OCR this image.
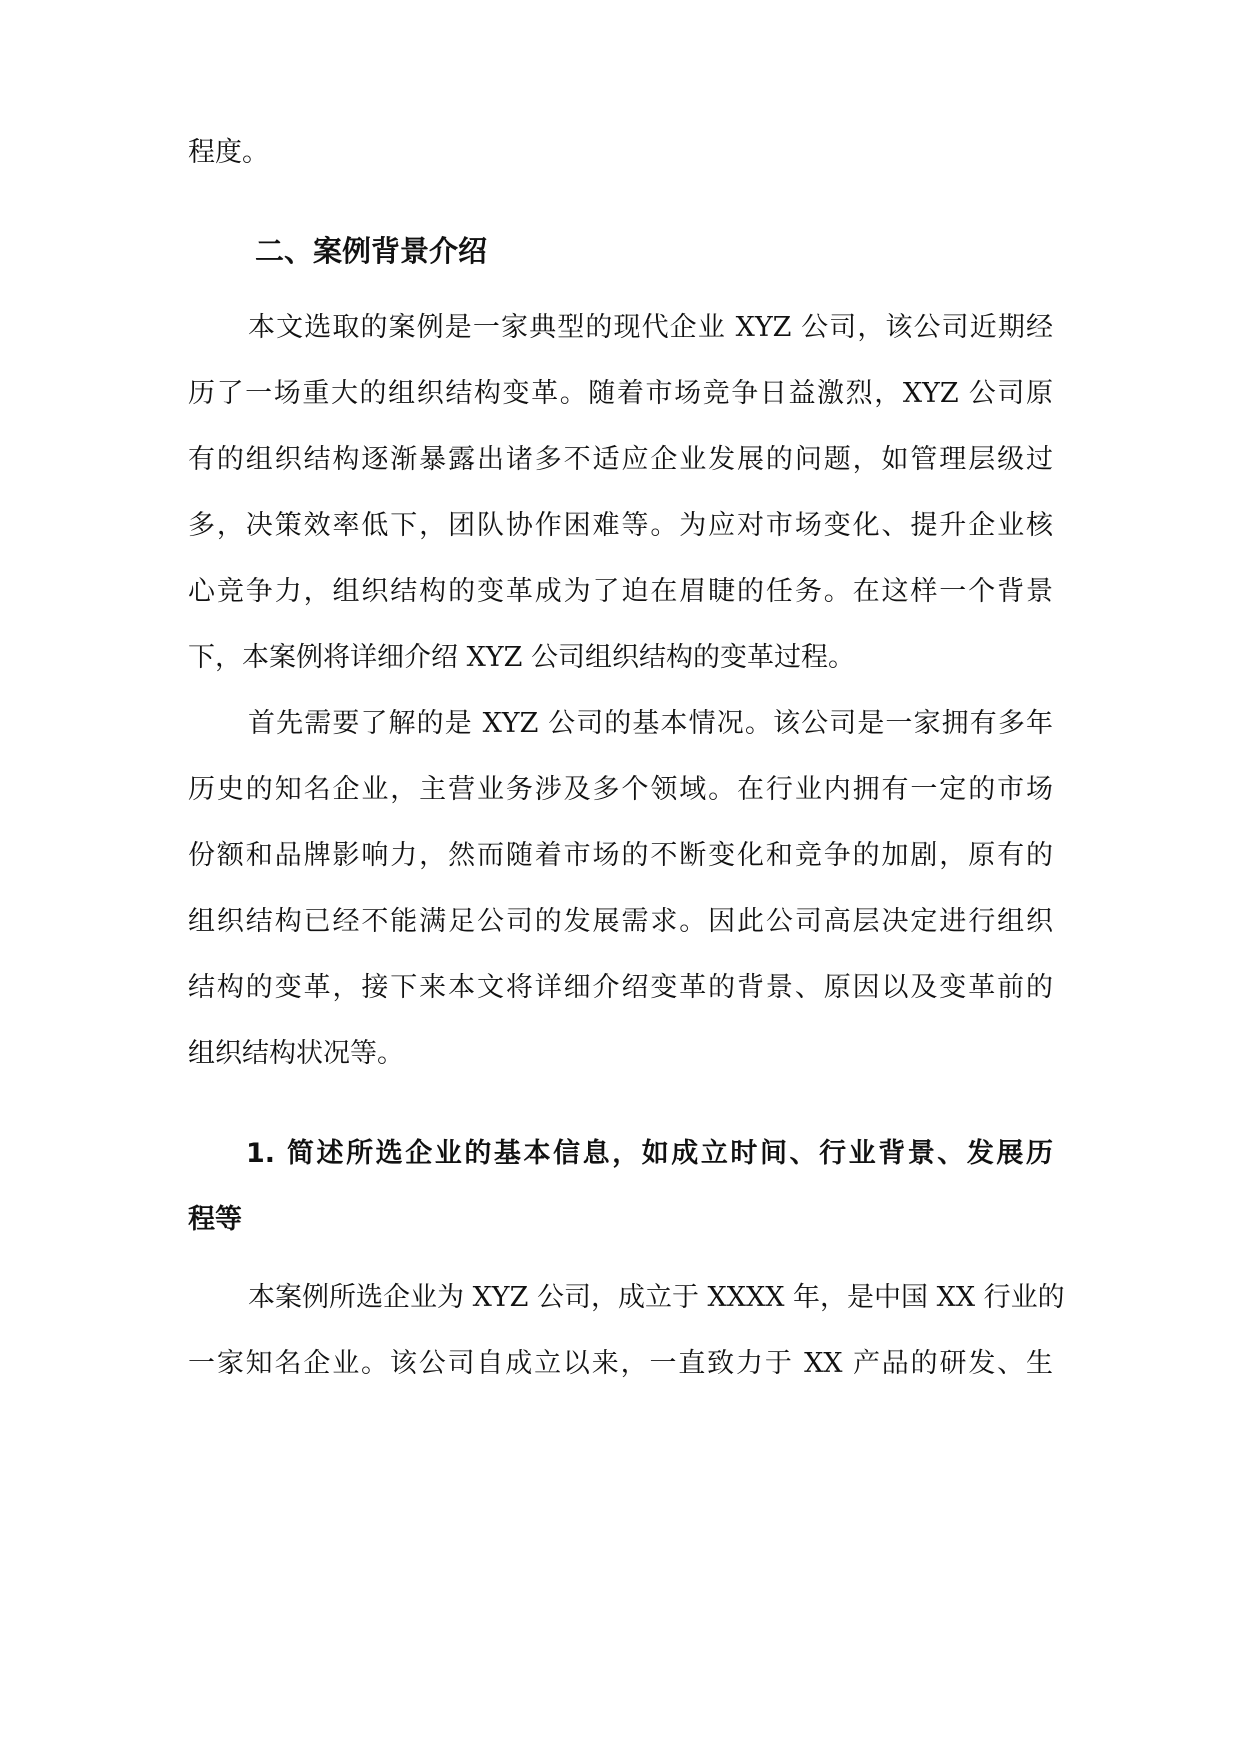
程度。
二、案例背景介绍
本文选取的案例是一家典型的现代企业 XYZ 公司，该公司近期经
历了一场重大的组织结构变革。随着市场竞争日益激烈，XYZ 公司原
有的组织结构逐渐暴露出诸多不适应企业发展的问题，如管理层级过
多，决策效率低下，团队协作困难等。为应对市场变化、提升企业核
心竞争力，组织结构的变革成为了迫在眉睫的任务。在这样一个背景
下，本案例将详细介绍 XYZ 公司组织结构的变革过程。
首先需要了解的是 XYZ 公司的基本情况。该公司是一家拥有多年
历史的知名企业，主营业务涉及多个领域。在行业内拥有一定的市场
份额和品牌影响力，然而随着市场的不断变化和竞争的加剧，原有的
组织结构已经不能满足公司的发展需求。因此公司高层决定进行组织
结构的变革，接下来本文将详细介绍变革的背景、原因以及变革前的
组织结构状况等。
1. 简述所选企业的基本信息，如成立时间、行业背景、发展历
程等
本案例所选企业为 XYZ 公司，成立于 XXXX 年，是中国 XX 行业的
一家知名企业。该公司自成立以来，一直致力于 XX 产品的研发、生
